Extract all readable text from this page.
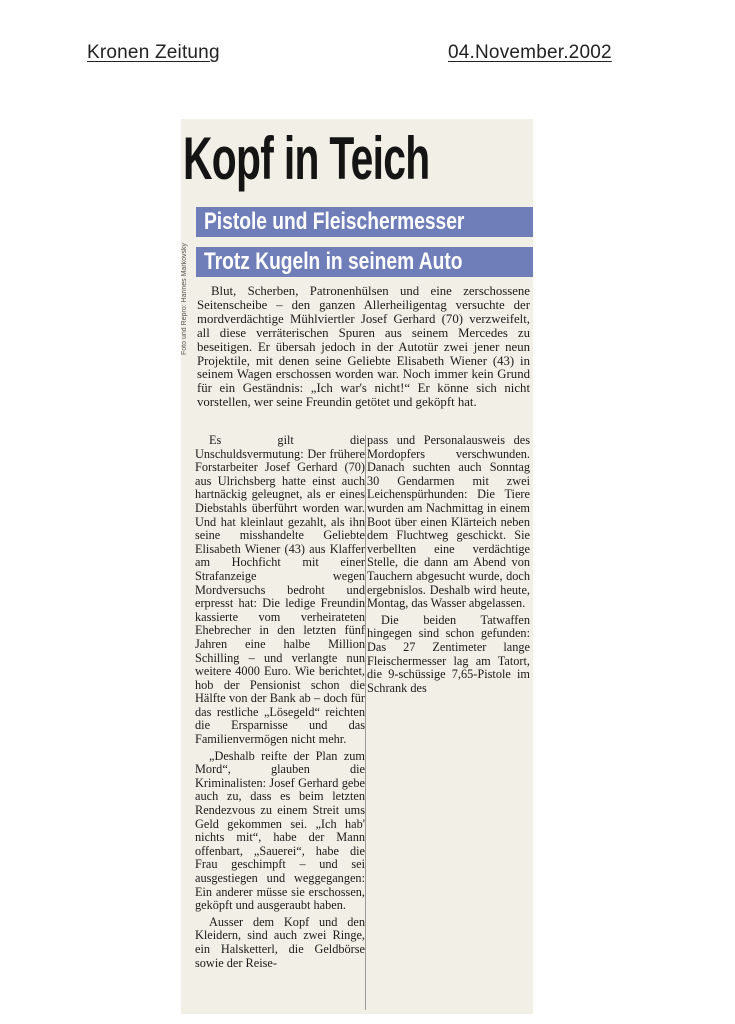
Kronen Zeitung	04.November.2002
Kopf in Teich
Foto und Repro: Hannes Markovsky
Pistole und Fleischermesser
Trotz Kugeln in seinem Auto
Blut, Scherben, Patronenhülsen und eine zerschossene Seitenscheibe – den ganzen Allerheiligentag versuchte der mordverdächtige Mühlviertler Josef Gerhard (70) verzweifelt, all diese verräterischen Spuren aus seinem Mercedes zu beseitigen. Er übersah jedoch in der Autotür zwei jener neun Projektile, mit denen seine Geliebte Elisabeth Wiener (43) in seinem Wagen erschossen worden war. Noch immer kein Grund für ein Geständnis: „Ich war's nicht!“ Er könne sich nicht vorstellen, wer seine Freundin getötet und geköpft hat.

Es gilt die Unschuldsvermutung: Der frühere Forstarbeiter Josef Gerhard (70) aus Ulrichsberg hatte einst auch hartnäckig geleugnet, als er eines Diebstahls überführt worden war. Und hat kleinlaut gezahlt, als ihn seine misshandelte Geliebte Elisabeth Wiener (43) aus Klaffer am Hochficht mit einer Strafanzeige wegen Mordversuchs bedroht und erpresst hat: Die ledige Freundin kassierte vom verheirateten Ehebrecher in den letzten fünf Jahren eine halbe Million Schilling – und verlangte nun weitere 4000 Euro. Wie berichtet, hob der Pensionist schon die Hälfte von der Bank ab – doch für das restliche „Lösegeld“ reichten die Ersparnisse und das Familienvermögen nicht mehr.

„Deshalb reifte der Plan zum Mord“, glauben die Kriminalisten: Josef Gerhard gebe auch zu, dass es beim letzten Rendezvous zu einem Streit ums Geld gekommen sei. „Ich hab' nichts mit“, habe der Mann offenbart, „Sauerei“, habe die Frau geschimpft – und sei ausgestiegen und weggegangen: Ein anderer müsse sie erschossen, geköpft und ausgeraubt haben.

Ausser dem Kopf und den Kleidern, sind auch zwei Ringe, ein Halsketterl, die Geldbörse sowie der Reise-

pass und Personalausweis des Mordopfers verschwunden. Danach suchten auch Sonntag 30 Gendarmen mit zwei Leichenspürhunden: Die Tiere wurden am Nachmittag in einem Boot über einen Klärteich neben dem Fluchtweg geschickt. Sie verbellten eine verdächtige Stelle, die dann am Abend von Tauchern abgesucht wurde, doch ergebnislos. Deshalb wird heute, Montag, das Wasser abgelassen.

Die beiden Tatwaffen hingegen sind schon gefunden: Das 27 Zentimeter lange Fleischermesser lag am Tatort, die 9-schüssige 7,65-Pistole im Schrank des
